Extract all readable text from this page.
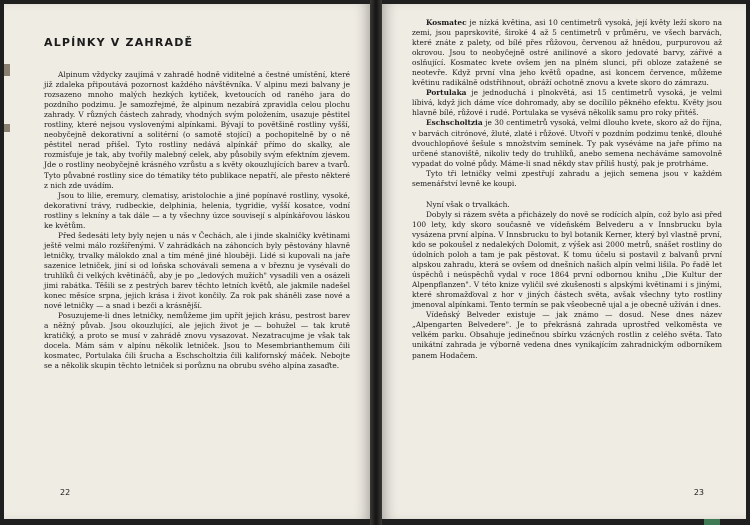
ALPÍNKY V ZAHRADĚ

Alpinum vždycky zaujímá v zahradě hodně viditelné a čestné umístění, které již zdaleka připoutává pozornost každého návštěvníka. V alpinu mezi balvany je rozsazeno mnoho malých hezkých kytiček, kvetoucích od raného jara do pozdního podzimu. Je samozřejmé, že alpinum nezabírá zpravidla celou plochu zahrady. V různých částech zahrady, vhodných svým položením, usazuje pěstitel rostliny, které nejsou vyslovenými alpínkami. Bývají to povětšině rostliny vyšší, neobyčejně dekorativní a solitérní (o samotě stojící) a pochopitelně by o ně pěstitel nerad přišel. Tyto rostliny nedává alpínkář přímo do skalky, ale rozmísťuje je tak, aby tvořily malebný celek, aby působily svým efektním zjevem. Jde o rostliny neobyčejně krásného vzrůstu a s květy okouzlujících barev a tvarů. Tyto půvabné rostliny sice do tématiky této publikace nepatří, ale přesto některé z nich zde uvádím.

Jsou to lilie, eremury, clematisy, aristolochie a jiné popínavé rostliny, vysoké, dekorativní trávy, rudbeckie, delphinia, helenia, tygridie, vyšší kosatce, vodní rostliny s lekníny a tak dále — a ty všechny úzce souvisejí s alpínkářovou láskou ke květům.

Před šedesáti lety byly nejen u nás v Čechách, ale i jinde skalničky květinami ještě velmi málo rozšířenými. V zahrádkách na záhoncích byly pěstovány hlavně letničky, trvalky málokdo znal a tím méně jiné hlouběji. Lidé si kupovali na jaře sazenice letniček, jiní si od loňska schovávali semena a v březnu je vysévali do truhlíků či velkých květináčů, aby je po „ledových mužích" vysadili ven a osázeli jimi rabátka. Těšili se z pestrých barev těchto letních květů, ale jakmile nadešel konec měsíce srpna, jejich krása i život končily. Za rok pak sháněli zase nové a nové letničky — a snad i bezči a krásnější.

Posuzujeme-li dnes letničky, nemůžeme jim upřít jejich krásu, pestrost barev a něžný půvab. Jsou okouzlující, ale jejich život je — bohužel — tak krutě kratičký, a proto se musí v zahrádě znovu vysazovat. Nezatracujme je však tak docela. Mám sám v alpínu několik letniček. Jsou to Mesembrianthemum čili kosmatec, Portulaka čili šrucha a Eschscholtzia čili kalifornský máček. Nebojte se a několik skupin těchto letniček si porůznu na obrubu svého alpína zasaďte.

22

Kosmatec je nízká květina, asi 10 centimetrů vysoká, její květy leží skoro na zemi, jsou paprskovité, široké 4 až 5 centimetrů v průměru, ve všech barvách, které znáte z palety, od bílé přes růžovou, červenou až hnědou, purpurovou až okrovou. Jsou to neobyčejně ostré anilinové a skoro jedovaté barvy, zářivé a oslňující. Kosmatec kvete ovšem jen na plném slunci, při obloze zatažené se neotevře. Když první vlna jeho květů opadne, asi koncem července, můžeme květinu radikálně odstřihnout, obráží ochotně znovu a kvete skoro do zámrazu.

Portulaka je jednoduchá i plnokvětá, asi 15 centimetrů vysoká, je velmi líbivá, když jich dáme více dohromady, aby se docílilo pěkného efektu. Květy jsou hlavně bílé, růžové i rudé. Portulaka se vysévá několik samu pro roky přitéš.

Eschscholtzia je 30 centimetrů vysoká, velmi dlouho kvete, skoro až do října, v barvách citrónové, žluté, zlaté i růžové. Utvoří v pozdním podzimu tenké, dlouhé dvouchlopňové šešule s množstvím semínek. Ty pak vyséváme na jaře přímo na určené stanoviště, nikoliv tedy do truhlíků, anebo semena necháváme samovolně vypadat do volné půdy. Máme-li snad někdy stav příliš hustý, pak je protrháme.

Tyto tři letničky velmi zpestřují zahradu a jejich semena jsou v každém semenářství levně ke koupi.

Nyní však o trvalkách.

Dobyly si rázem světa a přicházely do nově se rodících alpín, což bylo asi před 100 lety, kdy skoro současně ve vídeňském Belvederu a v Innsbrucku byla vysázena první alpína. V Innsbrucku to byl botanik Kerner, který byl vlastně první, kdo se pokoušel z nedalekých Dolomit, z výšek asi 2000 metrů, snášet rostliny do údolních poloh a tam je pak pěstovat. K tomu účelu si postavil z balvanů první alpskou zahradu, která se ovšem od dnešních našich alpín velmi lišila. Po řadě let úspěchů i neúspěchů vydal v roce 1864 první odbornou knihu „Die Kultur der Alpenpflanzen". V této knize vyličil své zkušenosti s alpskými květinami i s jinými, které shromažďoval z hor v jiných částech světa, avšak všechny tyto rostliny jmenoval alpínkami. Tento termín se pak všeobecně ujal a je obecně užíván i dnes.

Vídeňský Belveder existuje — jak známo — dosud. Nese dnes název „Alpengarten Belvedere". Je to překrásná zahrada uprostřed velkoměsta ve velkém parku. Obsahuje jedinečnou sbírku vzácných rostlin z celého světa. Tato unikátní zahrada je výborně vedena dnes vynikajícím zahradnickým odborníkem panem Hodačem.

23
